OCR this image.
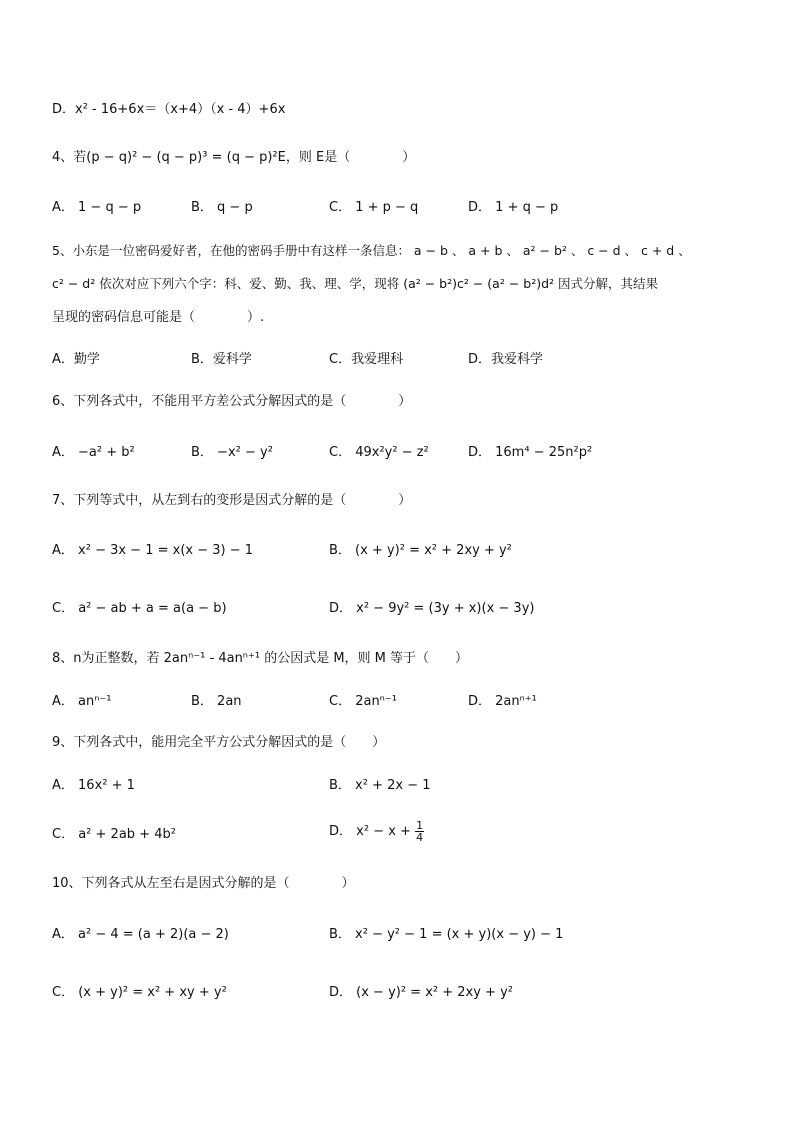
D．x² - 16+6x＝（x+4）（x - 4）+6x
4、若(p − q)² − (q − p)³ = (q − p)²E，则 E是（　　　　）
A． 1 − q − p	B． q − p	C． 1 + p − q	D． 1 + q − p
5、小东是一位密码爱好者，在他的密码手册中有这样一条信息： a − b 、 a + b 、 a² − b² 、 c − d 、 c + d 、
c² − d² 依次对应下列六个字：科、爱、勤、我、理、学，现将 (a² − b²)c² − (a² − b²)d² 因式分解，其结果
呈现的密码信息可能是（　　　　）.
A．勤学	B．爱科学	C．我爱理科	D．我爱科学
6、下列各式中，不能用平方差公式分解因式的是（　　　　）
A． −a² + b²	B． −x² − y²	C． 49x²y² − z²	D． 16m⁴ − 25n²p²
7、下列等式中，从左到右的变形是因式分解的是（　　　　）
A． x² − 3x − 1 = x(x − 3) − 1	B． (x + y)² = x² + 2xy + y²
C． a² − ab + a = a(a − b)	D． x² − 9y² = (3y + x)(x − 3y)
8、n为正整数，若 2anⁿ⁻¹ - 4anⁿ⁺¹ 的公因式是 M，则 M 等于（　　）
A． anⁿ⁻¹	B． 2an	C． 2anⁿ⁻¹	D． 2anⁿ⁺¹
9、下列各式中，能用完全平方公式分解因式的是（　　）
A． 16x² + 1	B． x² + 2x − 1
C． a² + 2ab + 4b²	D． $x^2 - x + \frac{1}{4}$
10、下列各式从左至右是因式分解的是（　　　　）
A． a² − 4 = (a + 2)(a − 2)	B． x² − y² − 1 = (x + y)(x − y) − 1
C． (x + y)² = x² + xy + y²	D． (x − y)² = x² + 2xy + y²
